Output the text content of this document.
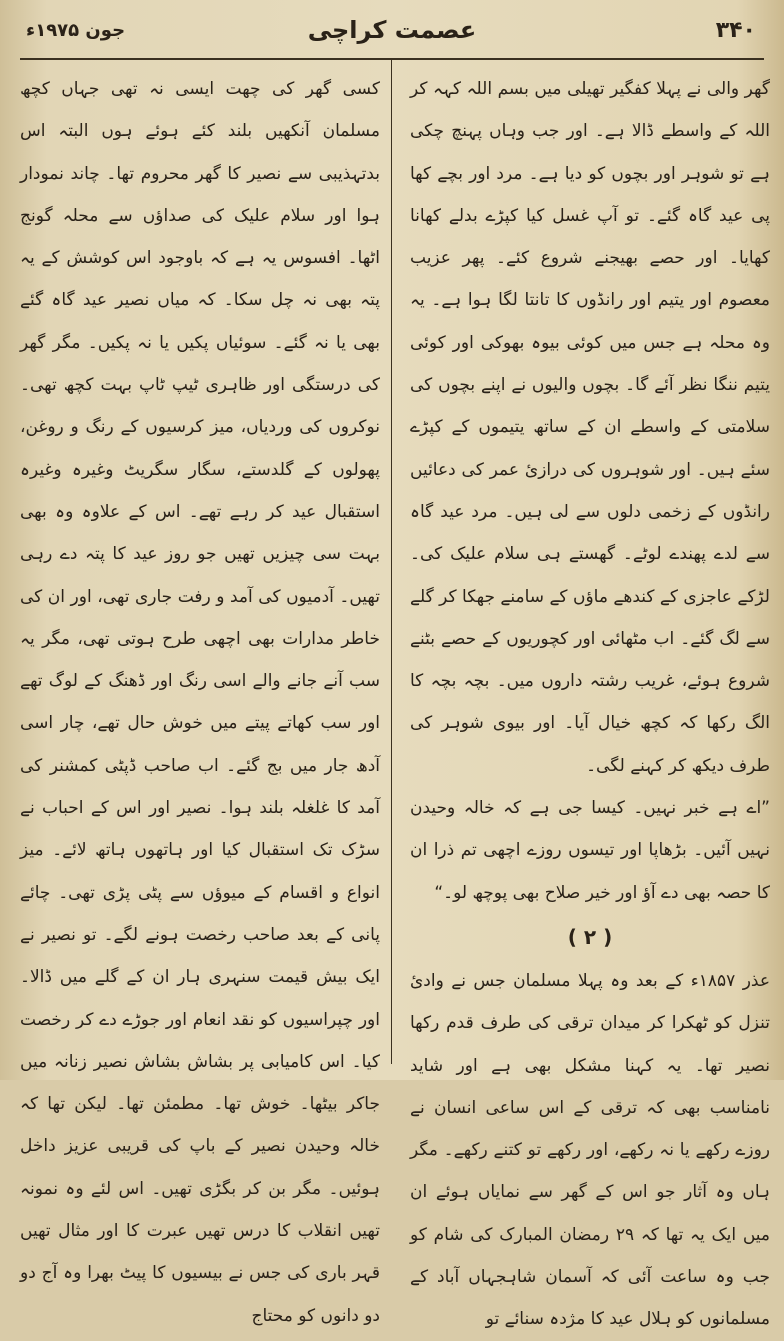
۳۴۰
عصمت کراچی
جون ۱۹۷۵ء

گھر والی نے پہلا کفگیر تھیلی میں بسم اللہ کہہ کر اللہ کے واسطے ڈالا ہے۔ اور جب وہاں پہنچ چکی ہے تو شوہر اور بچوں کو دیا ہے۔ مرد اور بچے کھا پی عید گاہ گئے۔ تو آپ غسل کیا کپڑے بدلے کھانا کھایا۔ اور حصے بھیجنے شروع کئے۔ پھر عزیب معصوم اور یتیم اور رانڈوں کا تانتا لگا ہوا ہے۔ یہ وہ محلہ ہے جس میں کوئی بیوہ بھوکی اور کوئی یتیم ننگا نظر آئے گا۔ بچوں والیوں نے اپنے بچوں کی سلامتی کے واسطے ان کے ساتھ یتیموں کے کپڑے سئے ہیں۔ اور شوہروں کی درازیٔ عمر کی دعائیں رانڈوں کے زخمی دلوں سے لی ہیں۔ مرد عید گاہ سے لدے پھندے لوٹے۔ گھستے ہی سلام علیک کی۔ لڑکے عاجزی کے کندھے ماؤں کے سامنے جھکا کر گلے سے لگ گئے۔ اب مٹھائی اور کچوریوں کے حصے بٹنے شروع ہوئے، غریب رشتہ داروں میں۔ بچہ بچہ کا الگ رکھا کہ کچھ خیال آیا۔ اور بیوی شوہر کی طرف دیکھ کر کہنے لگی۔

”اے ہے خبر نہیں۔ کیسا جی ہے کہ خالہ وحیدن نہیں آئیں۔ بڑھاپا اور تیسوں روزے اچھی تم ذرا ان کا حصہ بھی دے آؤ اور خیر صلاح بھی پوچھ لو۔“

( ۲ )

عذر ۱۸۵۷ء کے بعد وہ پہلا مسلمان جس نے وادیٔ تنزل کو ٹھکرا کر میدان ترقی کی طرف قدم رکھا نصیر تھا۔ یہ کہنا مشکل بھی ہے اور شاید نامناسب بھی کہ ترقی کے اس ساعی انسان نے روزے رکھے یا نہ رکھے، اور رکھے تو کتنے رکھے۔ مگر ہاں وہ آثار جو اس کے گھر سے نمایاں ہوئے ان میں ایک یہ تھا کہ ۲۹ رمضان المبارک کی شام کو جب وہ ساعت آئی کہ آسمان شاہجہاں آباد کے مسلمانوں کو ہلال عید کا مژدہ سنائے تو

کسی گھر کی چھت ایسی نہ تھی جہاں کچھ مسلمان آنکھیں بلند کئے ہوئے ہوں البتہ اس بدتہذیبی سے نصیر کا گھر محروم تھا۔ چاند نمودار ہوا اور سلام علیک کی صداؤں سے محلہ گونج اٹھا۔ افسوس یہ ہے کہ باوجود اس کوشش کے یہ پتہ بھی نہ چل سکا۔ کہ میاں نصیر عید گاہ گئے بھی یا نہ گئے۔ سوئیاں پکیں یا نہ پکیں۔ مگر گھر کی درستگی اور ظاہری ٹیپ ٹاپ بہت کچھ تھی۔ نوکروں کی وردیاں، میز کرسیوں کے رنگ و روغن، پھولوں کے گلدستے، سگار سگریٹ وغیرہ وغیرہ استقبال عید کر رہے تھے۔ اس کے علاوہ وہ بھی بہت سی چیزیں تھیں جو روز عید کا پتہ دے رہی تھیں۔ آدمیوں کی آمد و رفت جاری تھی، اور ان کی خاطر مدارات بھی اچھی طرح ہوتی تھی، مگر یہ سب آنے جانے والے اسی رنگ اور ڈھنگ کے لوگ تھے اور سب کھاتے پیتے میں خوش حال تھے، چار اسی آدھ جار میں بج گئے۔ اب صاحب ڈپٹی کمشنر کی آمد کا غلغلہ بلند ہوا۔ نصیر اور اس کے احباب نے سڑک تک استقبال کیا اور ہاتھوں ہاتھ لائے۔ میز انواع و اقسام کے میوؤں سے پٹی پڑی تھی۔ چائے پانی کے بعد صاحب رخصت ہونے لگے۔ تو نصیر نے ایک بیش قیمت سنہری ہار ان کے گلے میں ڈالا۔ اور چپراسیوں کو نقد انعام اور جوڑے دے کر رخصت کیا۔ اس کامیابی پر بشاش بشاش نصیر زنانہ میں جاکر بیٹھا۔ خوش تھا۔ مطمئن تھا۔ لیکن تھا کہ خالہ وحیدن نصیر کے باپ کی قریبی عزیز داخل ہوئیں۔ مگر بن کر بگڑی تھیں۔ اس لئے وہ نمونہ تھیں انقلاب کا درس تھیں عبرت کا اور مثال تھیں قہر باری کی جس نے بیسیوں کا پیٹ بھرا وہ آج دو دو دانوں کو محتاج
